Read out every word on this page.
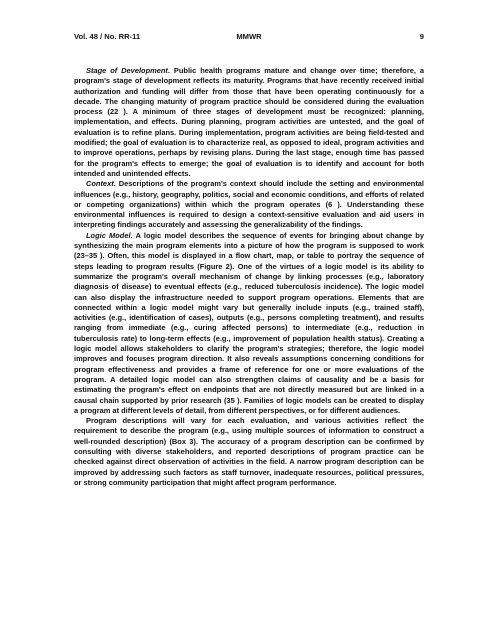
Vol. 48 / No. RR-11	MMWR	9

Stage of Development. Public health programs mature and change over time; therefore, a program's stage of development reflects its maturity. Programs that have recently received initial authorization and funding will differ from those that have been operating continuously for a decade. The changing maturity of program practice should be considered during the evaluation process (22 ). A minimum of three stages of development must be recognized: planning, implementation, and effects. During planning, program activities are untested, and the goal of evaluation is to refine plans. During implementation, program activities are being field-tested and modified; the goal of evaluation is to characterize real, as opposed to ideal, program activities and to improve operations, perhaps by revising plans. During the last stage, enough time has passed for the program's effects to emerge; the goal of evaluation is to identify and account for both intended and unintended effects.

Context. Descriptions of the program's context should include the setting and environmental influences (e.g., history, geography, politics, social and economic conditions, and efforts of related or competing organizations) within which the program operates (6 ). Understanding these environmental influences is required to design a context-sensitive evaluation and aid users in interpreting findings accurately and assessing the generalizability of the findings.

Logic Model. A logic model describes the sequence of events for bringing about change by synthesizing the main program elements into a picture of how the program is supposed to work (23–35 ). Often, this model is displayed in a flow chart, map, or table to portray the sequence of steps leading to program results (Figure 2). One of the virtues of a logic model is its ability to summarize the program's overall mechanism of change by linking processes (e.g., laboratory diagnosis of disease) to eventual effects (e.g., reduced tuberculosis incidence). The logic model can also display the infrastructure needed to support program operations. Elements that are connected within a logic model might vary but generally include inputs (e.g., trained staff), activities (e.g., identification of cases), outputs (e.g., persons completing treatment), and results ranging from immediate (e.g., curing affected persons) to intermediate (e.g., reduction in tuberculosis rate) to long-term effects (e.g., improvement of population health status). Creating a logic model allows stakeholders to clarify the program's strategies; therefore, the logic model improves and focuses program direction. It also reveals assumptions concerning conditions for program effectiveness and provides a frame of reference for one or more evaluations of the program. A detailed logic model can also strengthen claims of causality and be a basis for estimating the program's effect on endpoints that are not directly measured but are linked in a causal chain supported by prior research (35 ). Families of logic models can be created to display a program at different levels of detail, from different perspectives, or for different audiences.

Program descriptions will vary for each evaluation, and various activities reflect the requirement to describe the program (e.g., using multiple sources of information to construct a well-rounded description) (Box 3). The accuracy of a program description can be confirmed by consulting with diverse stakeholders, and reported descriptions of program practice can be checked against direct observation of activities in the field. A narrow program description can be improved by addressing such factors as staff turnover, inadequate resources, political pressures, or strong community participation that might affect program performance.
